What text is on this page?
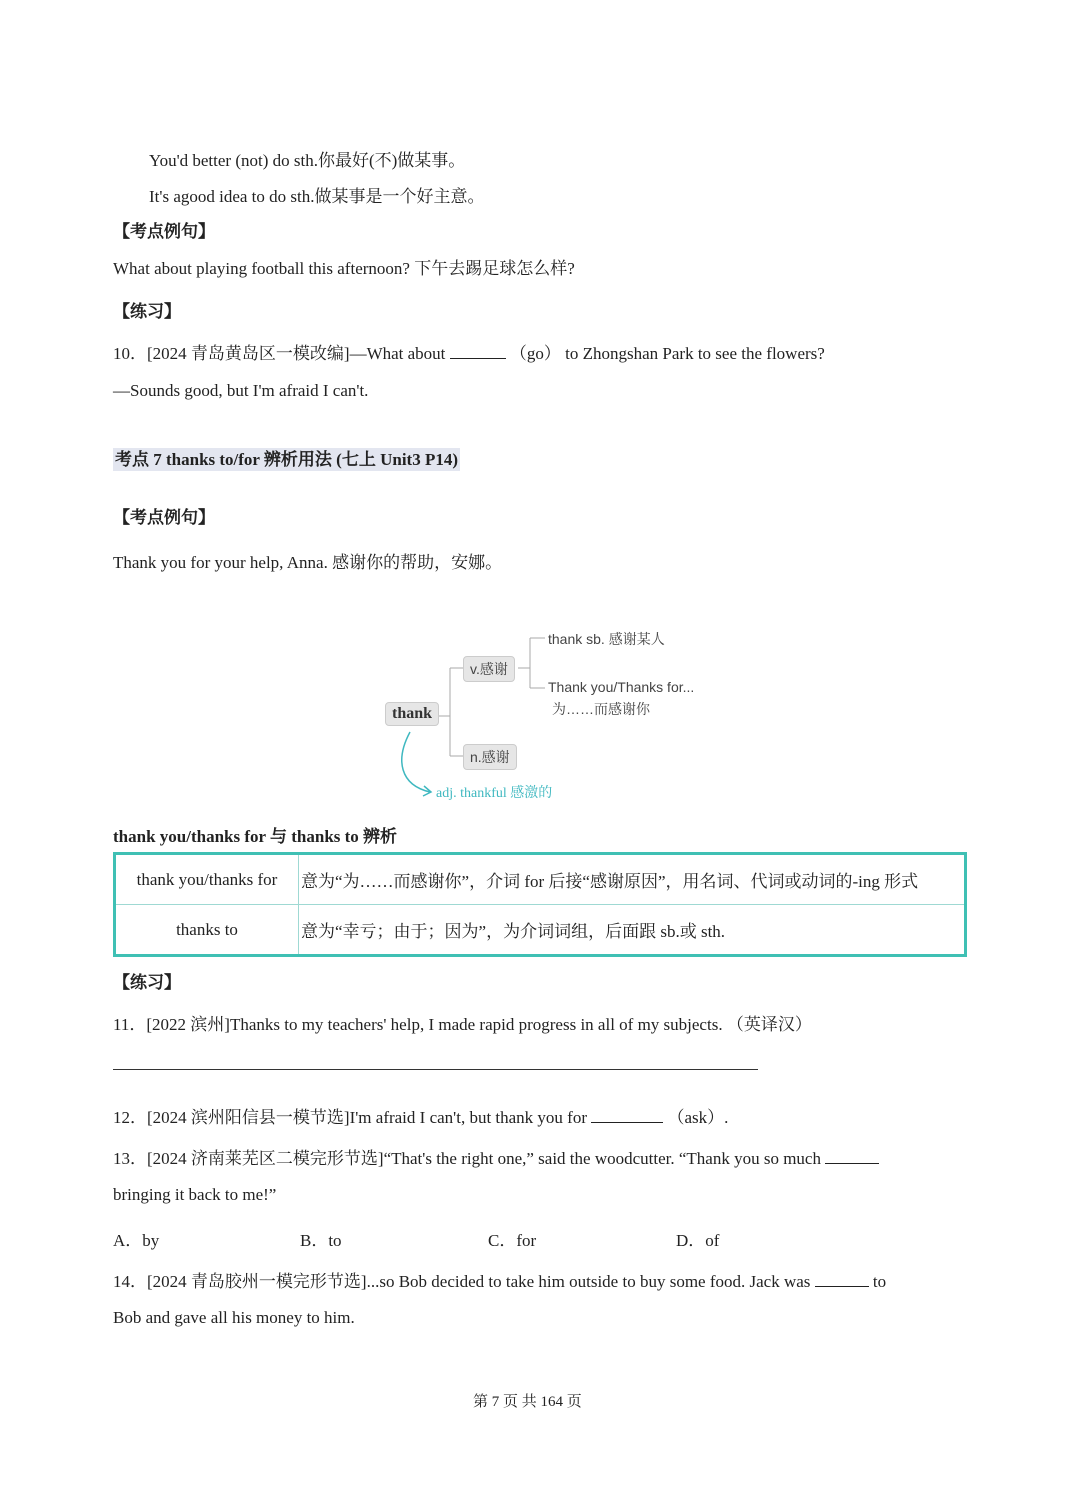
You'd better (not) do sth.你最好(不)做某事。
It's agood idea to do sth.做某事是一个好主意。
【考点例句】
What about playing football this afternoon? 下午去踢足球怎么样?
【练习】
10．[2024 青岛黄岛区一模改编]—What about	（go） to Zhongshan Park to see the flowers?
—Sounds good, but I'm afraid I can't.
考点 7 thanks to/for 辨析用法 (七上 Unit3 P14)
【考点例句】
Thank you for your help, Anna. 感谢你的帮助，安娜。
thank
v.感谢
n.感谢
thank sb. 感谢某人
Thank you/Thanks for...
为……而感谢你
adj. thankful 感激的
thank you/thanks for 与 thanks to 辨析
thank you/thanks for	意为“为……而感谢你”，介词 for 后接“感谢原因”，用名词、代词或动词的-ing 形式
thanks to	意为“幸亏；由于；因为”，为介词词组，后面跟 sb.或 sth.
【练习】
11．[2022 滨州]Thanks to my teachers' help, I made rapid progress in all of my subjects. （英译汉）
12．[2024 滨州阳信县一模节选]I'm afraid I can't, but thank you for	（ask）.
13．[2024 济南莱芜区二模完形节选]“That's the right one,” said the woodcutter. “Thank you so much
bringing it back to me!”
A．by	B．to	C．for	D．of
14．[2024 青岛胶州一模完形节选]...so Bob decided to take him outside to buy some food. Jack was	to
Bob and gave all his money to him.
第 7 页 共 164 页
